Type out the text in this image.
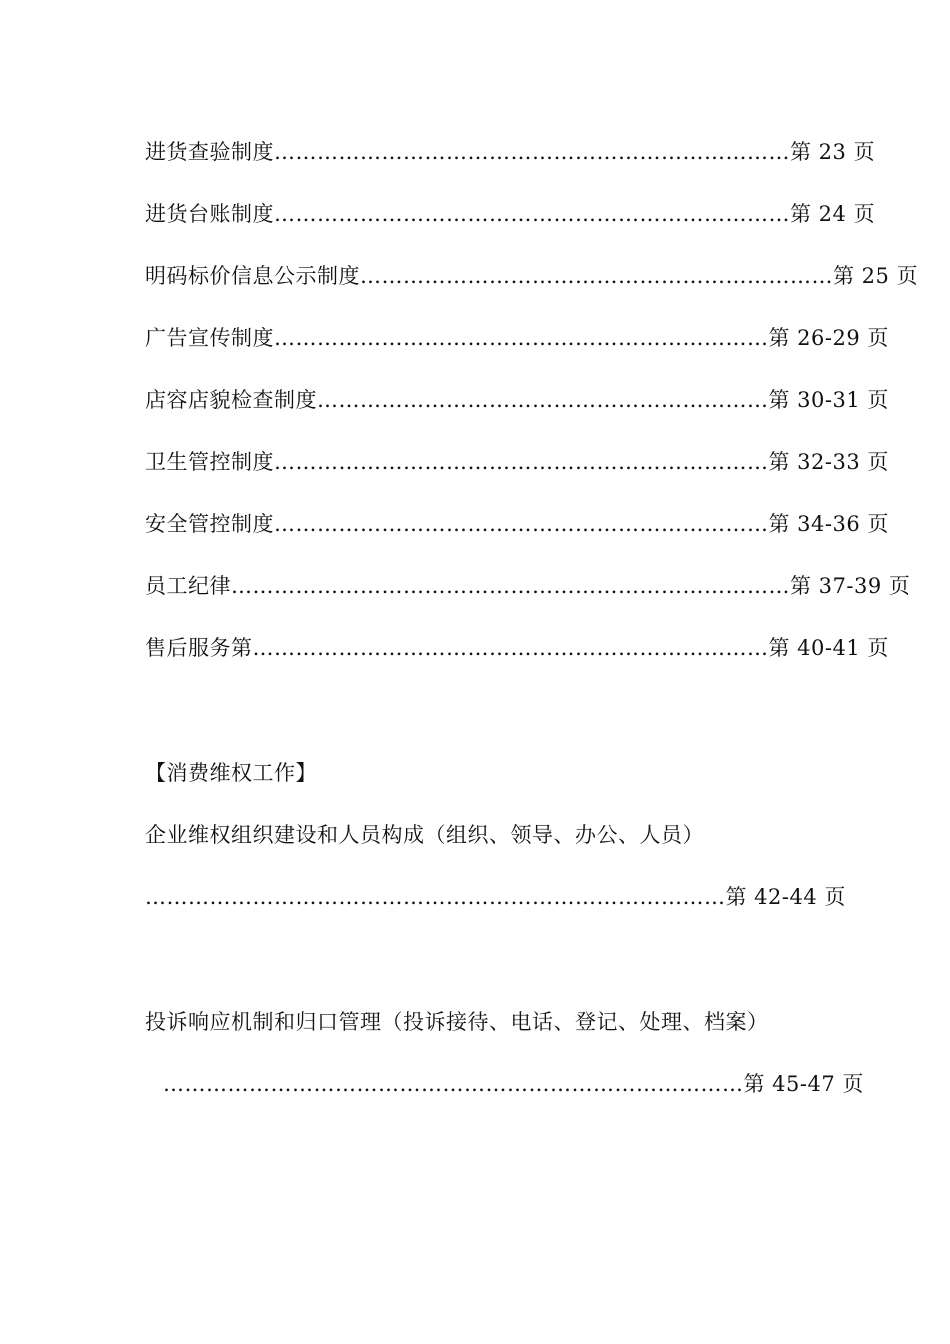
进货查验制度………………………………………………………………第 23 页
进货台账制度………………………………………………………………第 24 页
明码标价信息公示制度…………………………………………………………第 25 页
广告宣传制度……………………………………………………………第 26-29 页
店容店貌检查制度………………………………………………………第 30-31 页
卫生管控制度……………………………………………………………第 32-33 页
安全管控制度……………………………………………………………第 34-36 页
员工纪律……………………………………………………………………第 37-39 页
售后服务第………………………………………………………………第 40-41 页
【消费维权工作】
企业维权组织建设和人员构成（组织、领导、办公、人员）
………………………………………………………………………第 42-44 页
投诉响应机制和归口管理（投诉接待、电话、登记、处理、档案）
………………………………………………………………………第 45-47 页
